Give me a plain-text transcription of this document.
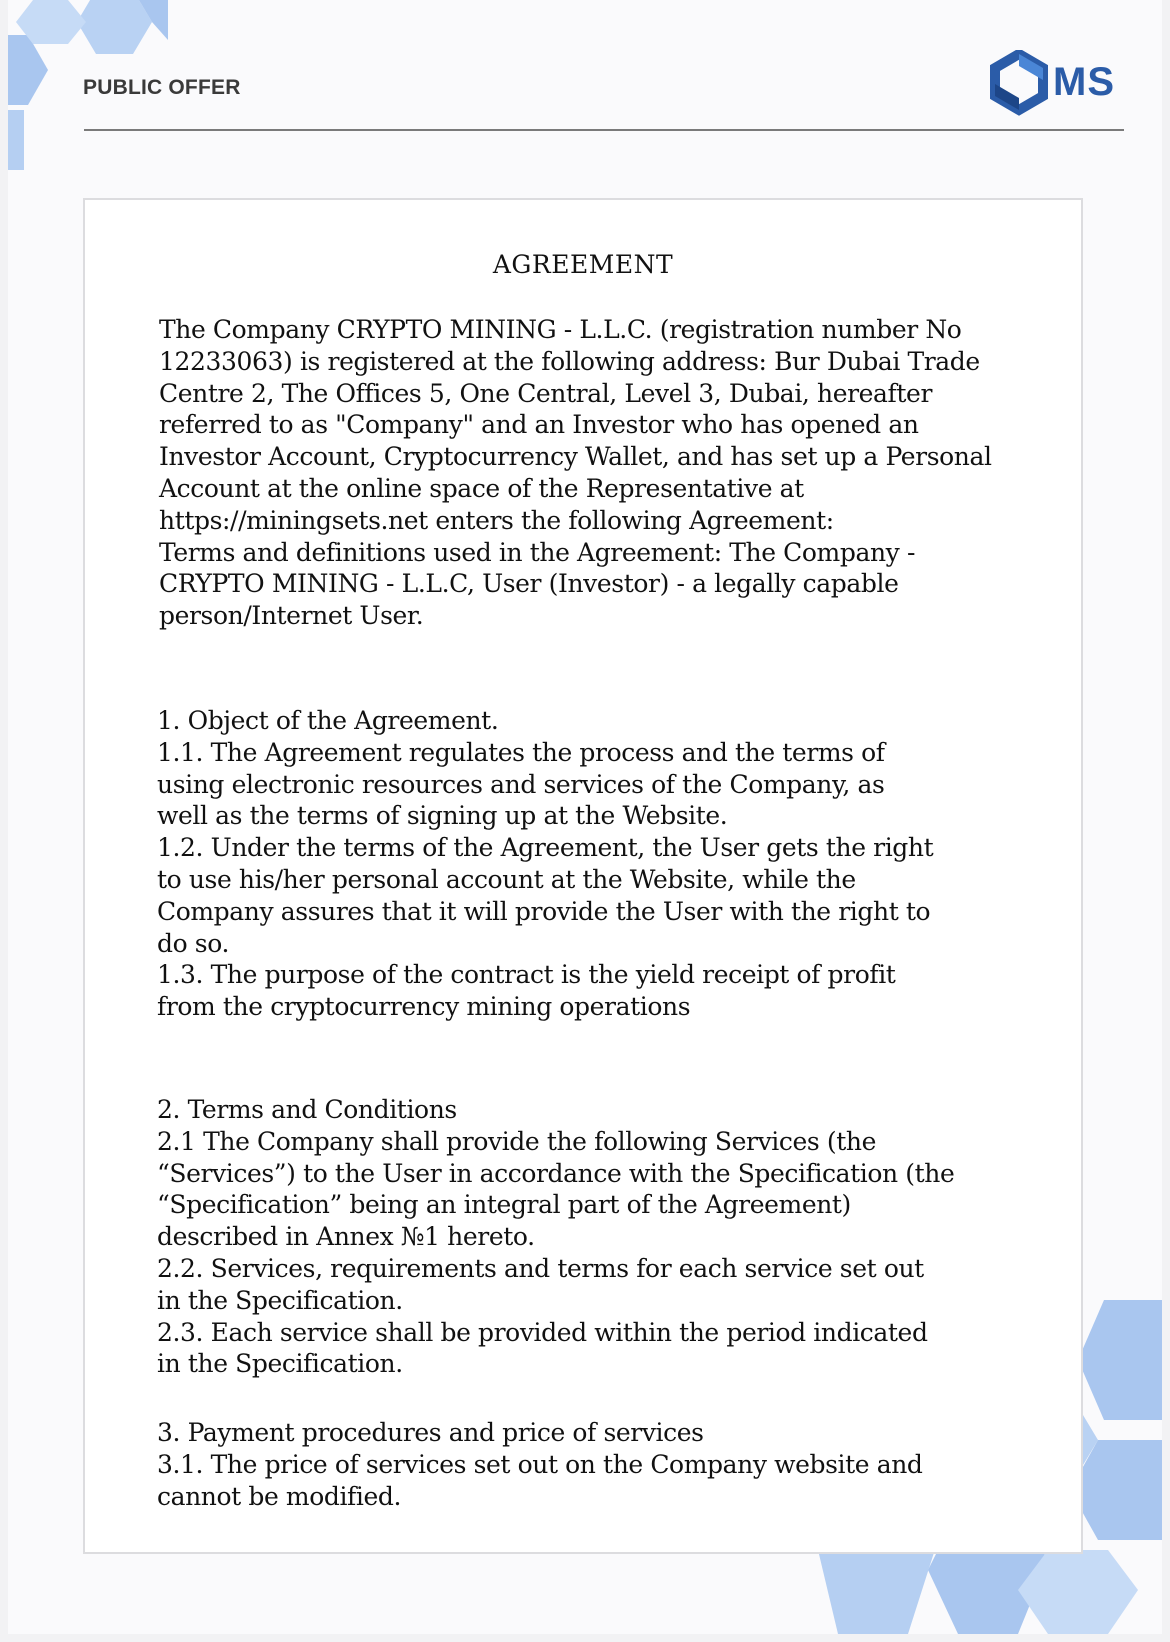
PUBLIC OFFER	MS
AGREEMENT
The Company CRYPTO MINING - L.L.C. (registration number No
12233063) is registered at the following address: Bur Dubai Trade
Centre 2, The Offices 5, One Central, Level 3, Dubai, hereafter
referred to as "Company" and an Investor who has opened an
Investor Account, Cryptocurrency Wallet, and has set up a Personal
Account at the online space of the Representative at
https://miningsets.net enters the following Agreement:
Terms and definitions used in the Agreement: The Company -
CRYPTO MINING - L.L.C, User (Investor) - a legally capable
person/Internet User.
1. Object of the Agreement.
1.1. The Agreement regulates the process and the terms of
using electronic resources and services of the Company, as
well as the terms of signing up at the Website.
1.2. Under the terms of the Agreement, the User gets the right
to use his/her personal account at the Website, while the
Company assures that it will provide the User with the right to
do so.
1.3. The purpose of the contract is the yield receipt of profit
from the cryptocurrency mining operations
2. Terms and Conditions
2.1 The Company shall provide the following Services (the
“Services”) to the User in accordance with the Specification (the
“Specification” being an integral part of the Agreement)
described in Annex №1 hereto.
2.2. Services, requirements and terms for each service set out
in the Specification.
2.3. Each service shall be provided within the period indicated
in the Specification.
3. Payment procedures and price of services
3.1. The price of services set out on the Company website and
cannot be modified.
